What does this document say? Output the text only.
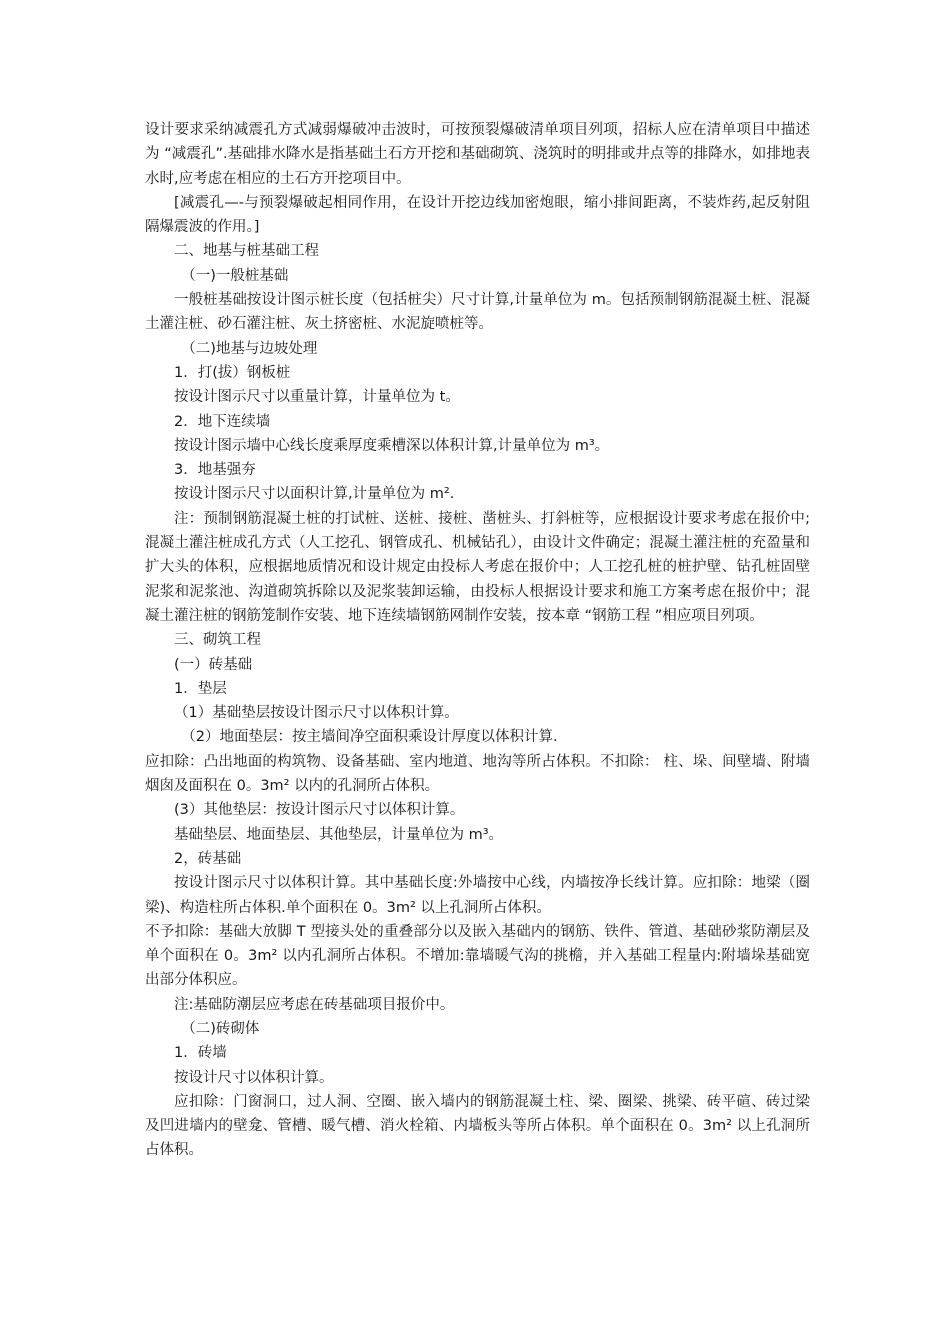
设计要求采纳减震孔方式减弱爆破冲击波时，可按预裂爆破清单项目列项，招标人应在清单项目中描述为 “减震孔”.基础排水降水是指基础土石方开挖和基础砌筑、浇筑时的明排或井点等的排降水，如排地表水时,应考虑在相应的土石方开挖项目中。

[减震孔—-与预裂爆破起相同作用，在设计开挖边线加密炮眼，缩小排间距离，不装炸药,起反射阻隔爆震波的作用。]

二、地基与桩基础工程

（一)一般桩基础

一般桩基础按设计图示桩长度（包括桩尖）尺寸计算,计量单位为 m。包括预制钢筋混凝土桩、混凝土灌注桩、砂石灌注桩、灰土挤密桩、水泥旋喷桩等。

（二)地基与边坡处理

1．打(拔）钢板桩

按设计图示尺寸以重量计算，计量单位为 t。

2．地下连续墙

按设计图示墙中心线长度乘厚度乘槽深以体积计算,计量单位为 m³。

3．地基强夯

按设计图示尺寸以面积计算,计量单位为 m².

注：预制钢筋混凝土桩的打试桩、送桩、接桩、凿桩头、打斜桩等，应根据设计要求考虑在报价中;混凝土灌注桩成孔方式（人工挖孔、钢管成孔、机械钻孔），由设计文件确定；混凝土灌注桩的充盈量和扩大头的体积，应根据地质情况和设计规定由投标人考虑在报价中；人工挖孔桩的桩护壁、钻孔桩固壁泥浆和泥浆池、沟道砌筑拆除以及泥浆装卸运输，由投标人根据设计要求和施工方案考虑在报价中；混凝土灌注桩的钢筋笼制作安装、地下连续墙钢筋网制作安装，按本章 “钢筋工程 ”相应项目列项。

三、砌筑工程

(一）砖基础

1．垫层

（1）基础垫层按设计图示尺寸以体积计算。

（2）地面垫层：按主墙间净空面积乘设计厚度以体积计算.

应扣除：凸出地面的构筑物、设备基础、室内地道、地沟等所占体积。不扣除： 柱、垛、间壁墙、附墙烟囱及面积在 0。3m² 以内的孔洞所占体积。

(3）其他垫层：按设计图示尺寸以体积计算。

基础垫层、地面垫层、其他垫层，计量单位为 m³。

2，砖基础

按设计图示尺寸以体积计算。其中基础长度:外墙按中心线，内墙按净长线计算。应扣除：地梁（圈梁)、构造柱所占体积.单个面积在 0。3m² 以上孔洞所占体积。

不予扣除：基础大放脚 T 型接头处的重叠部分以及嵌入基础内的钢筋、铁件、管道、基础砂浆防潮层及单个面积在 0。3m² 以内孔洞所占体积。不增加:靠墙暖气沟的挑檐，并入基础工程量内:附墙垛基础宽出部分体积应。

注:基础防潮层应考虑在砖基础项目报价中。

（二)砖砌体

1．砖墙

按设计尺寸以体积计算。

应扣除：门窗洞口，过人洞、空圈、嵌入墙内的钢筋混凝土柱、梁、圈梁、挑梁、砖平碹、砖过梁及凹进墙内的壁龛、管槽、暖气槽、消火栓箱、内墙板头等所占体积。单个面积在 0。3m² 以上孔洞所占体积。
